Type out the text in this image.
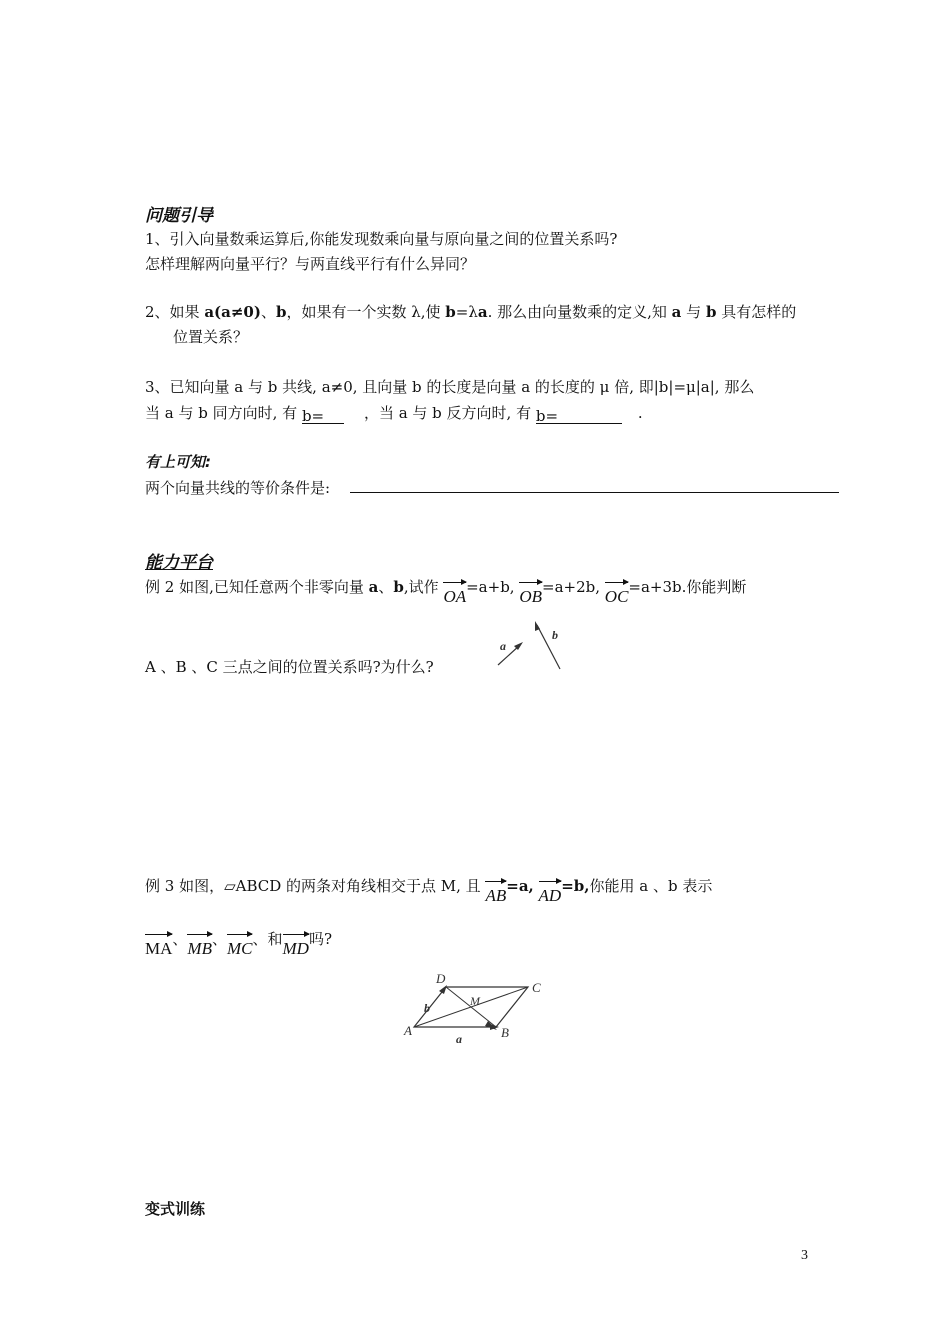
问题引导
1、引入向量数乘运算后,你能发现数乘向量与原向量之间的位置关系吗?
怎样理解两向量平行？与两直线平行有什么异同？
2、如果 a(a≠0)、b，如果有一个实数 λ,使 b=λa. 那么由向量数乘的定义,知 a 与 b 具有怎样的
位置关系？
3、已知向量 a 与 b 共线, a≠0, 且向量 b 的长度是向量 a 的长度的 μ 倍, 即|b|=μ|a|, 那么
当 a 与 b 同方向时, 有 b=	，当 a 与 b 反方向时, 有 b=	.
有上可知:
两个向量共线的等价条件是:
能力平台
例 2 如图,已知任意两个非零向量 a、b,试作 OA=a+b, OB=a+2b, OC=a+3b.你能判断
A 、B 、C 三点之间的位置关系吗?为什么?
a
b
例 3 如图，▱ABCD 的两条对角线相交于点 M, 且 AB=a, AD=b,你能用 a 、b 表示
MA、
MB、
MC、和
MD吗?
A	B
C
D
M
a
b
变式训练
3
